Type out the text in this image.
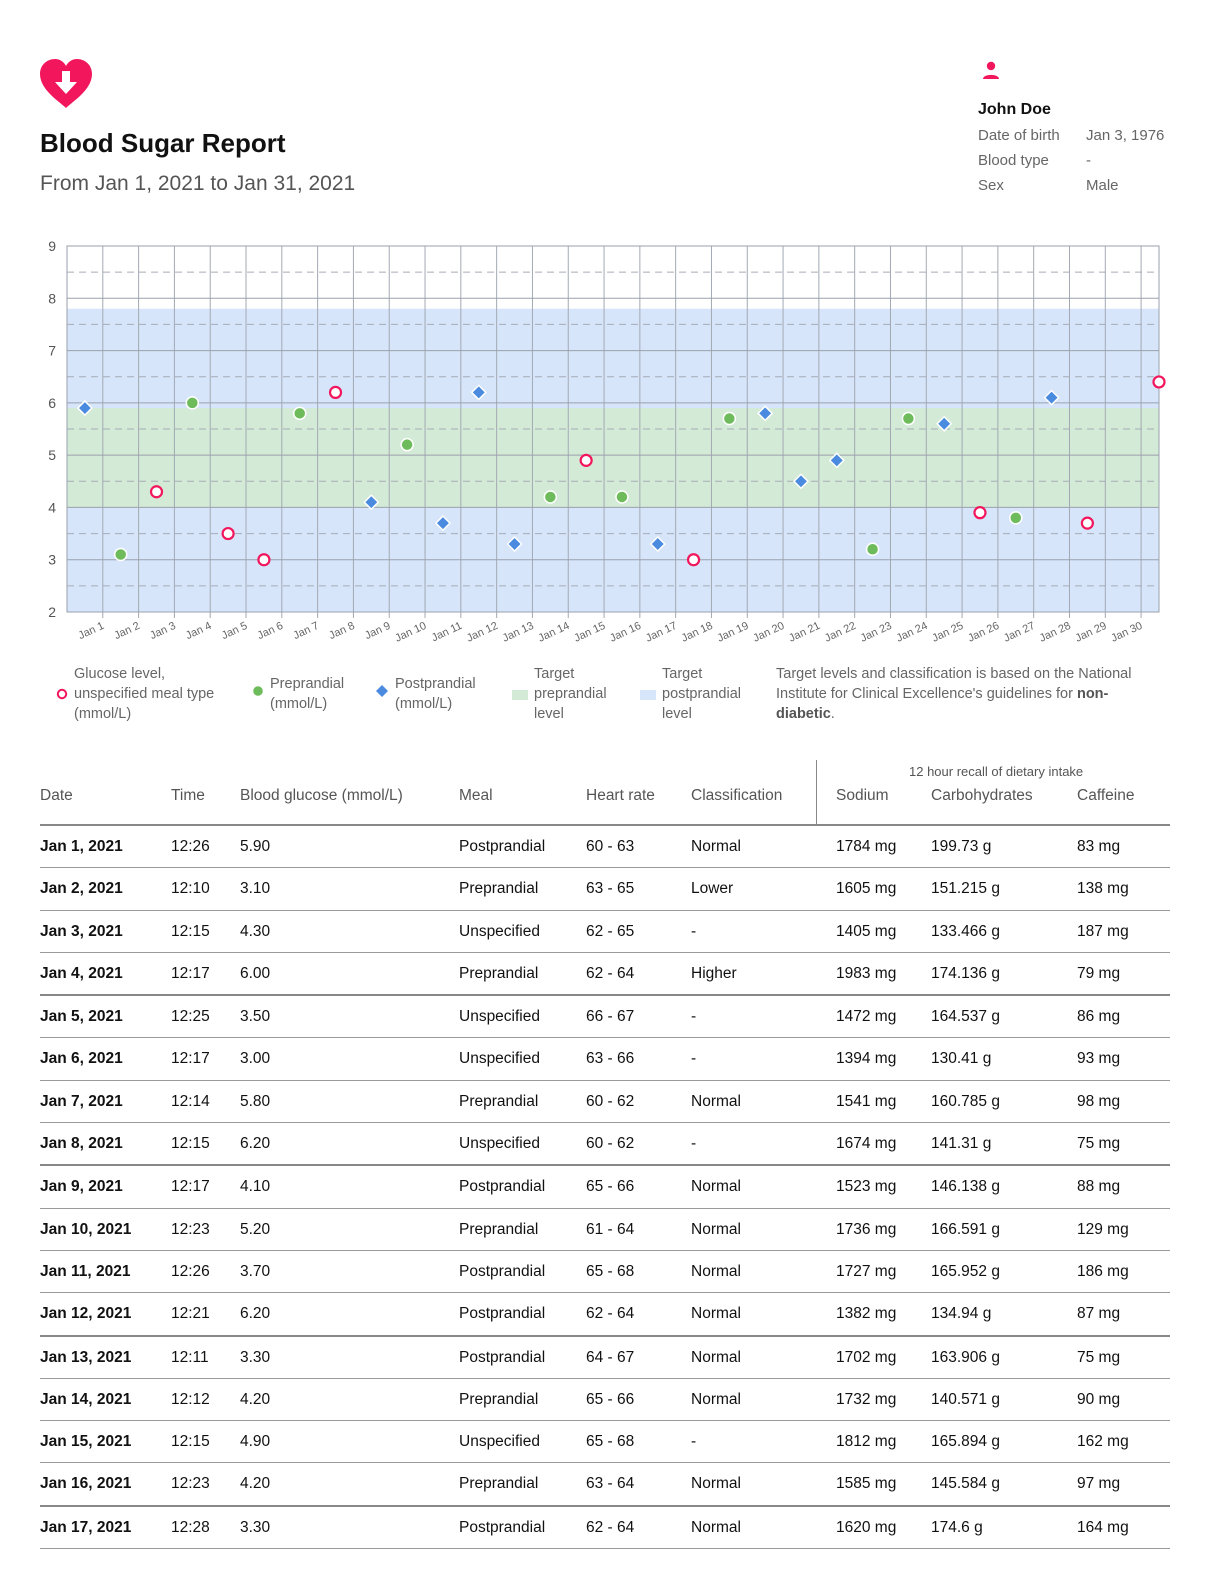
Blood Sugar Report
From Jan 1, 2021 to Jan 31, 2021
John Doe
Date of birth	Jan 3, 1976
Blood type	-
Sex	Male
2
3
4
5
6
7
8
9
Jan 1 Jan 2 Jan 3 Jan 4 Jan 5 Jan 6 Jan 7 Jan 8 Jan 9 Jan 10 Jan 11 Jan 12 Jan 13 Jan 14 Jan 15 Jan 16 Jan 17 Jan 18 Jan 19 Jan 20 Jan 21 Jan 22 Jan 23 Jan 24 Jan 25 Jan 26 Jan 27 Jan 28 Jan 29 Jan 30
Glucose level, unspecified meal type (mmol/L)
Preprandial (mmol/L)
Postprandial (mmol/L)
Target preprandial level
Target postprandial level
Target levels and classification is based on the National Institute for Clinical Excellence's guidelines for non-diabetic.
12 hour recall of dietary intake
Date	Time Blood glucose (mmol/L)	Meal	Heart rate Classification	Sodium	Carbohydrates	Caffeine
Jan 1, 2021	12:26 5.90	Postprandial	60 - 63	Normal	1784 mg 199.73 g	83 mg
Jan 2, 2021	12:10 3.10	Preprandial	63 - 65	Lower	1605 mg 151.215 g	138 mg
Jan 3, 2021	12:15 4.30	Unspecified	62 - 65	-	1405 mg 133.466 g	187 mg
Jan 4, 2021	12:17 6.00	Preprandial	62 - 64	Higher	1983 mg 174.136 g	79 mg
Jan 5, 2021	12:25 3.50	Unspecified	66 - 67	-	1472 mg 164.537 g	86 mg
Jan 6, 2021	12:17 3.00	Unspecified	63 - 66	-	1394 mg 130.41 g	93 mg
Jan 7, 2021	12:14 5.80	Preprandial	60 - 62	Normal	1541 mg 160.785 g	98 mg
Jan 8, 2021	12:15 6.20	Unspecified	60 - 62	-	1674 mg 141.31 g	75 mg
Jan 9, 2021	12:17 4.10	Postprandial	65 - 66	Normal	1523 mg 146.138 g	88 mg
Jan 10, 2021	12:23 5.20	Preprandial	61 - 64	Normal	1736 mg 166.591 g	129 mg
Jan 11, 2021	12:26 3.70	Postprandial	65 - 68	Normal	1727 mg 165.952 g	186 mg
Jan 12, 2021	12:21 6.20	Postprandial	62 - 64	Normal	1382 mg 134.94 g	87 mg
Jan 13, 2021	12:11 3.30	Postprandial	64 - 67	Normal	1702 mg 163.906 g	75 mg
Jan 14, 2021	12:12 4.20	Preprandial	65 - 66	Normal	1732 mg 140.571 g	90 mg
Jan 15, 2021	12:15 4.90	Unspecified	65 - 68	-	1812 mg 165.894 g	162 mg
Jan 16, 2021	12:23 4.20	Preprandial	63 - 64	Normal	1585 mg 145.584 g	97 mg
Jan 17, 2021	12:28 3.30	Postprandial	62 - 64	Normal	1620 mg 174.6 g	164 mg
